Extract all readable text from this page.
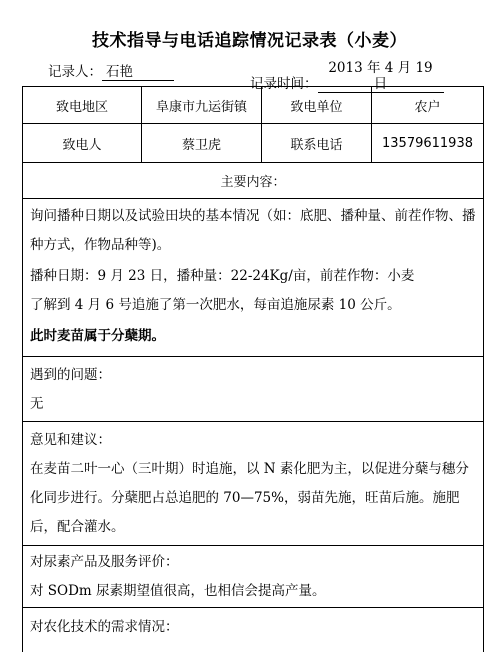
技术指导与电话追踪情况记录表（小麦）
记录人： 石艳
记录时间：2013 年 4 月 19 日
致电地区	阜康市九运街镇	致电单位	农户
致电人	蔡卫虎	联系电话	13579611938
主要内容：

询问播种日期以及试验田块的基本情况（如：底肥、播种量、前茬作物、播种方式，作物品种等)。

播种日期：9 月 23 日，播种量：22-24Kg/亩，前茬作物：小麦

了解到 4 月 6 号追施了第一次肥水，每亩追施尿素 10 公斤。

此时麦苗属于分蘖期。

遇到的问题：

无

意见和建议：

在麦苗二叶一心（三叶期）时追施，以 N 素化肥为主，以促进分蘖与穗分化同步进行。分蘖肥占总追肥的 70—75%，弱苗先施，旺苗后施。施肥后，配合灌水。

对尿素产品及服务评价：

对 SODm 尿素期望值很高，也相信会提高产量。

对农化技术的需求情况：
